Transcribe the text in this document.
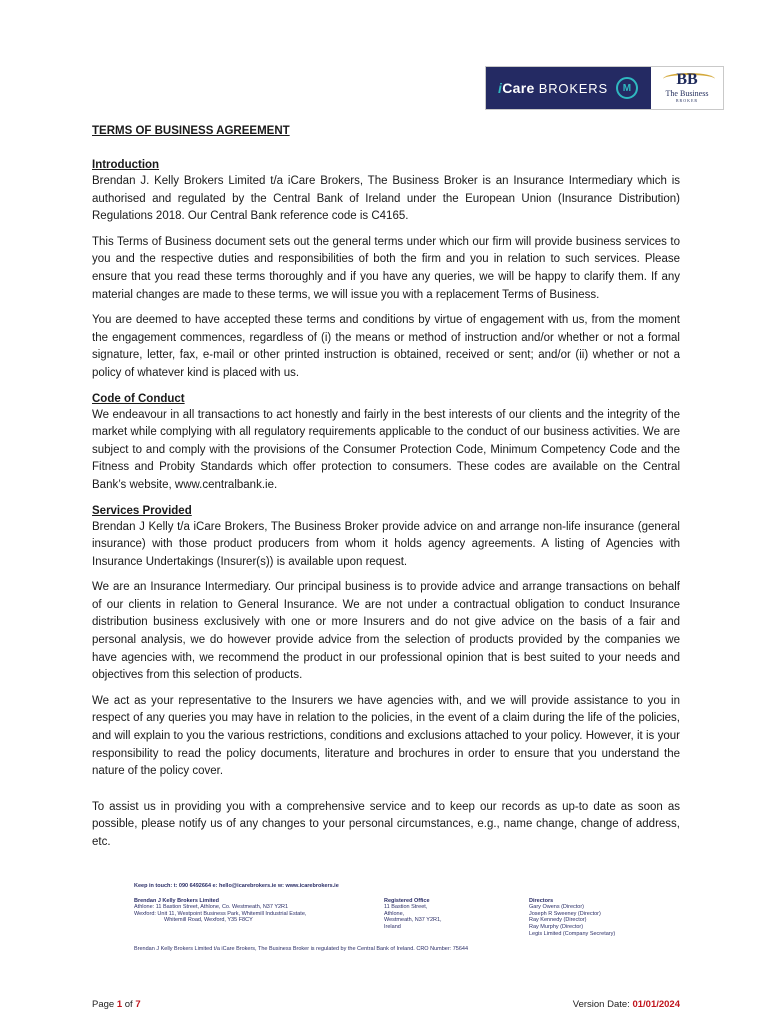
iCare BROKERS M	BB
The Business
BROKER
TERMS OF BUSINESS AGREEMENT
Introduction

Brendan J. Kelly Brokers Limited t/a iCare Brokers, The Business Broker is an Insurance Intermediary which is authorised and regulated by the Central Bank of Ireland under the European Union (Insurance Distribution) Regulations 2018. Our Central Bank reference code is C4165.

This Terms of Business document sets out the general terms under which our firm will provide business services to you and the respective duties and responsibilities of both the firm and you in relation to such services. Please ensure that you read these terms thoroughly and if you have any queries, we will be happy to clarify them. If any material changes are made to these terms, we will issue you with a replacement Terms of Business.

You are deemed to have accepted these terms and conditions by virtue of engagement with us, from the moment the engagement commences, regardless of (i) the means or method of instruction and/or whether or not a formal signature, letter, fax, e-mail or other printed instruction is obtained, received or sent; and/or (ii) whether or not a policy of whatever kind is placed with us.

Code of Conduct

We endeavour in all transactions to act honestly and fairly in the best interests of our clients and the integrity of the market while complying with all regulatory requirements applicable to the conduct of our business activities. We are subject to and comply with the provisions of the Consumer Protection Code, Minimum Competency Code and the Fitness and Probity Standards which offer protection to consumers. These codes are available on the Central Bank’s website, www.centralbank.ie.

Services Provided

Brendan J Kelly t/a iCare Brokers, The Business Broker provide advice on and arrange non-life insurance (general insurance) with those product producers from whom it holds agency agreements. A listing of Agencies with Insurance Undertakings (Insurer(s)) is available upon request.

We are an Insurance Intermediary. Our principal business is to provide advice and arrange transactions on behalf of our clients in relation to General Insurance. We are not under a contractual obligation to conduct Insurance distribution business exclusively with one or more Insurers and do not give advice on the basis of a fair and personal analysis, we do however provide advice from the selection of products provided by the companies we have agencies with, we recommend the product in our professional opinion that is best suited to your needs and objectives from this selection of products.

We act as your representative to the Insurers we have agencies with, and we will provide assistance to you in respect of any queries you may have in relation to the policies, in the event of a claim during the life of the policies, and will explain to you the various restrictions, conditions and exclusions attached to your policy. However, it is your responsibility to read the policy documents, literature and brochures in order to ensure that you understand the nature of the policy cover.

To assist us in providing you with a comprehensive service and to keep our records as up-to date as soon as possible, please notify us of any changes to your personal circumstances, e.g., name change, change of address, etc.

Keep in touch: t: 090 6492664 e: hello@icarebrokers.ie w: www.icarebrokers.ie
Brendan J Kelly Brokers Limited
Athlone: 11 Bastion Street, Athlone, Co. Westmeath, N37 Y2R1
Wexford: Unit 11, Westpoint Business Park, Whitemill Industrial Estate,
Whitemill Road, Wexford, Y35 F8CY
Registered Office
11 Bastion Street,
Athlone,
Westmeath, N37 Y2R1,
Ireland
Directors
Gary Owens (Director)
Joseph R Sweeney (Director)
Ray Kennedy (Director)
Ray Murphy (Director)
Legis Limited (Company Secretary)
Brendan J Kelly Brokers Limited t/a iCare Brokers, The Business Broker is regulated by the Central Bank of Ireland. CRO Number: 75644
Page 1 of 7	Version Date: 01/01/2024
